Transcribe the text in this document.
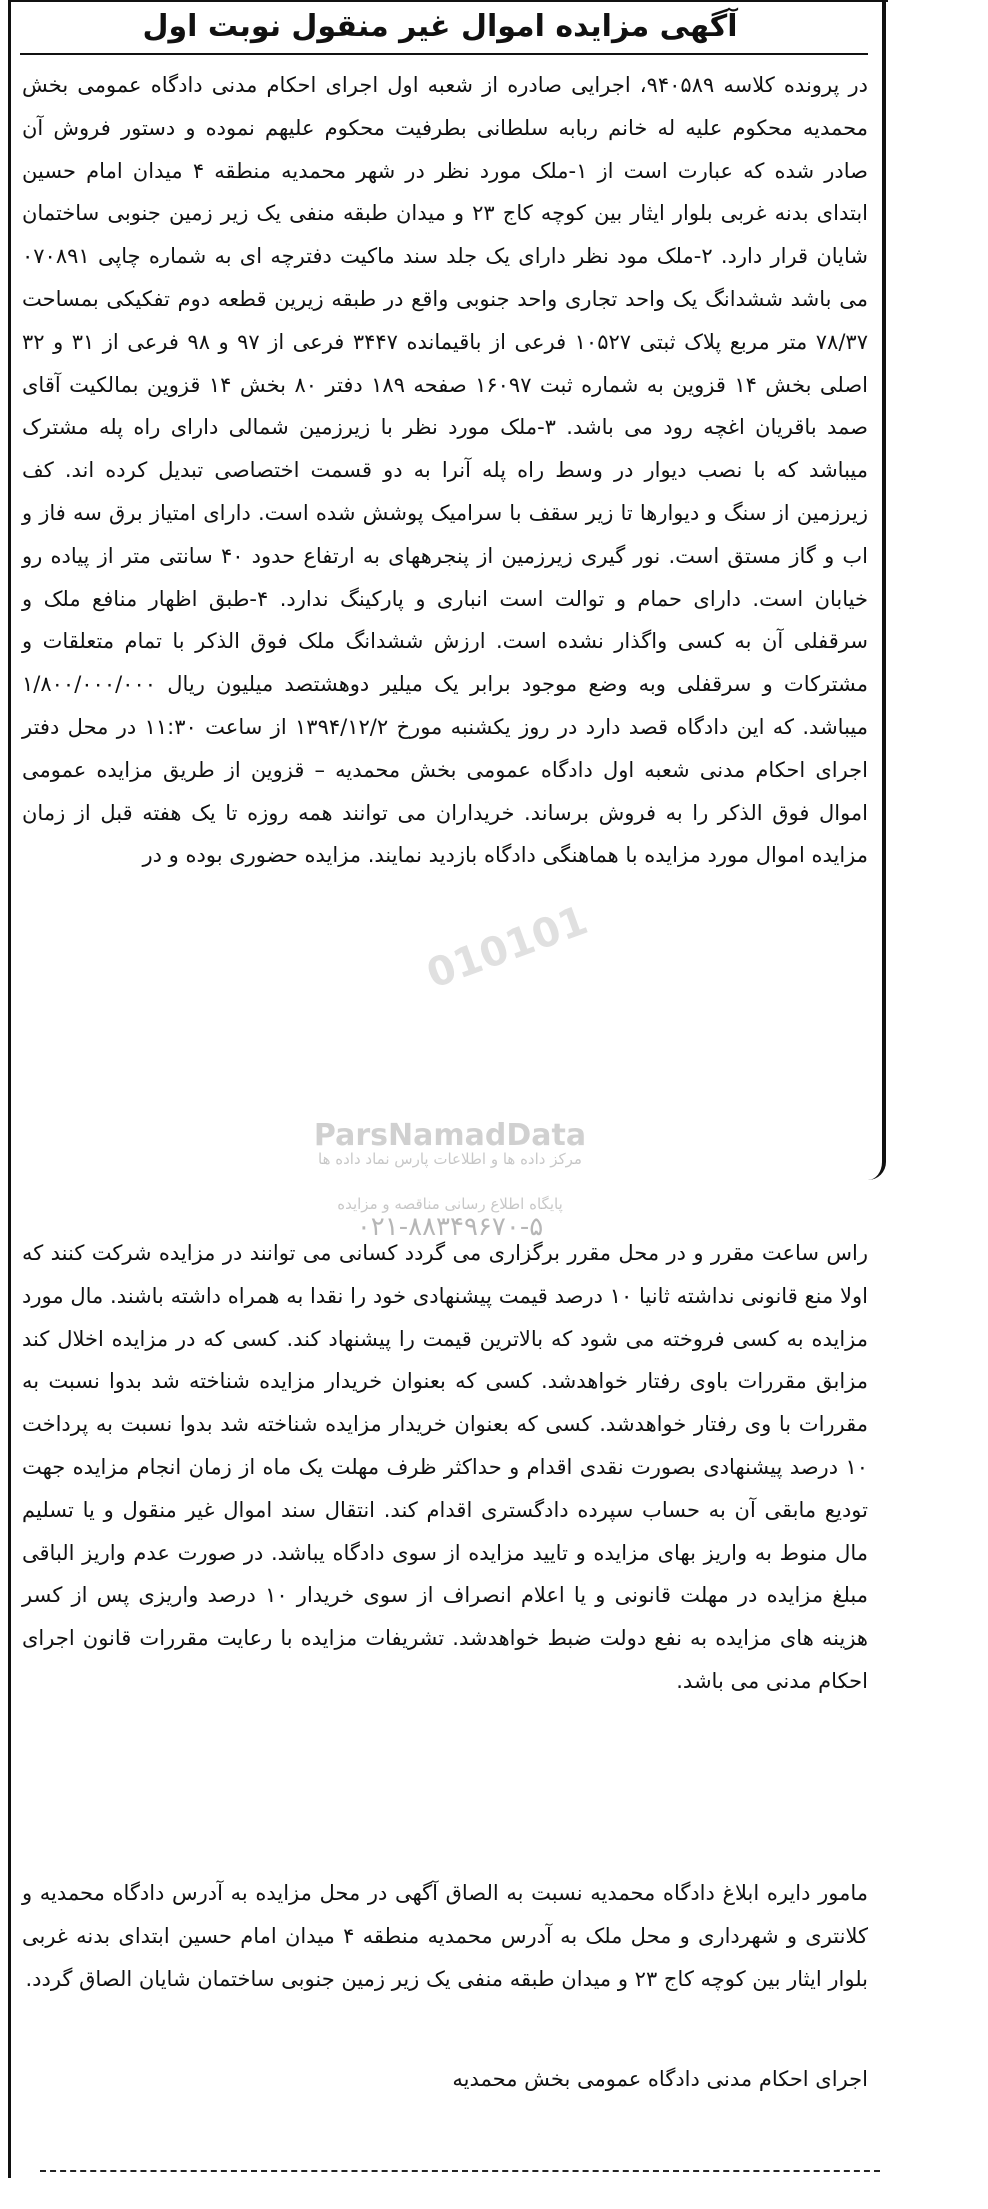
آگهی مزایده اموال غیر منقول نوبت اول

در پرونده کلاسه ۹۴۰۵۸۹، اجرایی صادره از شعبه اول اجرای احکام مدنی دادگاه عمومی بخش محمدیه محکوم علیه له خانم ربابه سلطانی بطرفیت محکوم علیهم نموده و دستور فروش آن صادر شده که عبارت است از ۱-ملک مورد نظر در شهر محمدیه منطقه ۴ میدان امام حسین ابتدای بدنه غربی بلوار ایثار بین کوچه کاج ۲۳ و میدان طبقه منفی یک زیر زمین جنوبی ساختمان شایان قرار دارد. ۲-ملک مود نظر دارای یک جلد سند ماکیت دفترچه ای به شماره چاپی ۰۷۰۸۹۱ می باشد ششدانگ یک واحد تجاری واحد جنوبی واقع در طبقه زیرین قطعه دوم تفکیکی بمساحت ۷۸/۳۷ متر مربع پلاک ثبتی ۱۰۵۲۷ فرعی از باقیمانده ۳۴۴۷ فرعی از ۹۷ و ۹۸ فرعی از ۳۱ و ۳۲ اصلی بخش ۱۴ قزوین به شماره ثبت ۱۶۰۹۷ صفحه ۱۸۹ دفتر ۸۰ بخش ۱۴ قزوین بمالکیت آقای صمد باقریان اغچه رود می باشد. ۳-ملک مورد نظر با زیرزمین شمالی دارای راه پله مشترک میباشد که با نصب دیوار در وسط راه پله آنرا به دو قسمت اختصاصی تبدیل کرده اند. کف زیرزمین از سنگ و دیوارها تا زیر سقف با سرامیک پوشش شده است. دارای امتیاز برق سه فاز و اب و گاز مستق است. نور گیری زیرزمین از پنجرههای به ارتفاع حدود ۴۰ سانتی متر از پیاده رو خیابان است. دارای حمام و توالت است انباری و پارکینگ ندارد. ۴-طبق اظهار منافع ملک و سرقفلی آن به کسی واگذار نشده است. ارزش ششدانگ ملک فوق الذکر با تمام متعلقات و مشترکات و سرقفلی وبه وضع موجود برابر یک میلیر دوهشتصد میلیون ریال ۱/۸۰۰/۰۰۰/۰۰۰ میباشد. که این دادگاه قصد دارد در روز یکشنبه مورخ ۱۳۹۴/۱۲/۲ از ساعت ۱۱:۳۰ در محل دفتر اجرای احکام مدنی شعبه اول دادگاه عمومی بخش محمدیه – قزوین از طریق مزایده عمومی اموال فوق الذکر را به فروش برساند. خریداران می توانند همه روزه تا یک هفته قبل از زمان مزایده اموال مورد مزایده با هماهنگی دادگاه بازدید نمایند. مزایده حضوری بوده و در

010101
ParsNamadData
مرکز داده ها و اطلاعات پارس نماد داده ها
پایگاه اطلاع رسانی مناقصه و مزایده
۰۲۱-۸۸۳۴۹۶۷۰-۵

راس ساعت مقرر و در محل مقرر برگزاری می گردد کسانی می توانند در مزایده شرکت کنند که اولا منع قانونی نداشته ثانیا ۱۰ درصد قیمت پیشنهادی خود را نقدا به همراه داشته باشند. مال مورد مزایده به کسی فروخته می شود که بالاترین قیمت را پیشنهاد کند. کسی که در مزایده اخلال کند مزابق مقررات باوی رفتار خواهدشد. کسی که بعنوان خریدار مزایده شناخته شد بدوا نسبت به مقررات با وی رفتار خواهدشد. کسی که بعنوان خریدار مزایده شناخته شد بدوا نسبت به پرداخت ۱۰ درصد پیشنهادی بصورت نقدی اقدام و حداکثر ظرف مهلت یک ماه از زمان انجام مزایده جهت توديع مابقی آن به حساب سپرده دادگستری اقدام کند. انتقال سند اموال غیر منقول و یا تسلیم مال منوط به واریز بهای مزایده و تایید مزایده از سوی دادگاه یباشد. در صورت عدم واریز الباقی مبلغ مزایده در مهلت قانونی و یا اعلام انصراف از سوی خریدار ۱۰ درصد واریزی پس از کسر هزینه های مزایده به نفع دولت ضبط خواهدشد. تشریفات مزایده با رعایت مقررات قانون اجرای احکام مدنی می باشد.

مامور دایره ابلاغ دادگاه محمدیه نسبت به الصاق آگهی در محل مزایده به آدرس دادگاه محمدیه و کلانتری و شهرداری و محل ملک به آدرس محمدیه منطقه ۴ میدان امام حسین ابتدای بدنه غربی بلوار ایثار بین کوچه کاج ۲۳ و میدان طبقه منفی یک زیر زمین جنوبی ساختمان شایان الصاق گردد.

اجرای احکام مدنی دادگاه عمومی بخش محمدیه
